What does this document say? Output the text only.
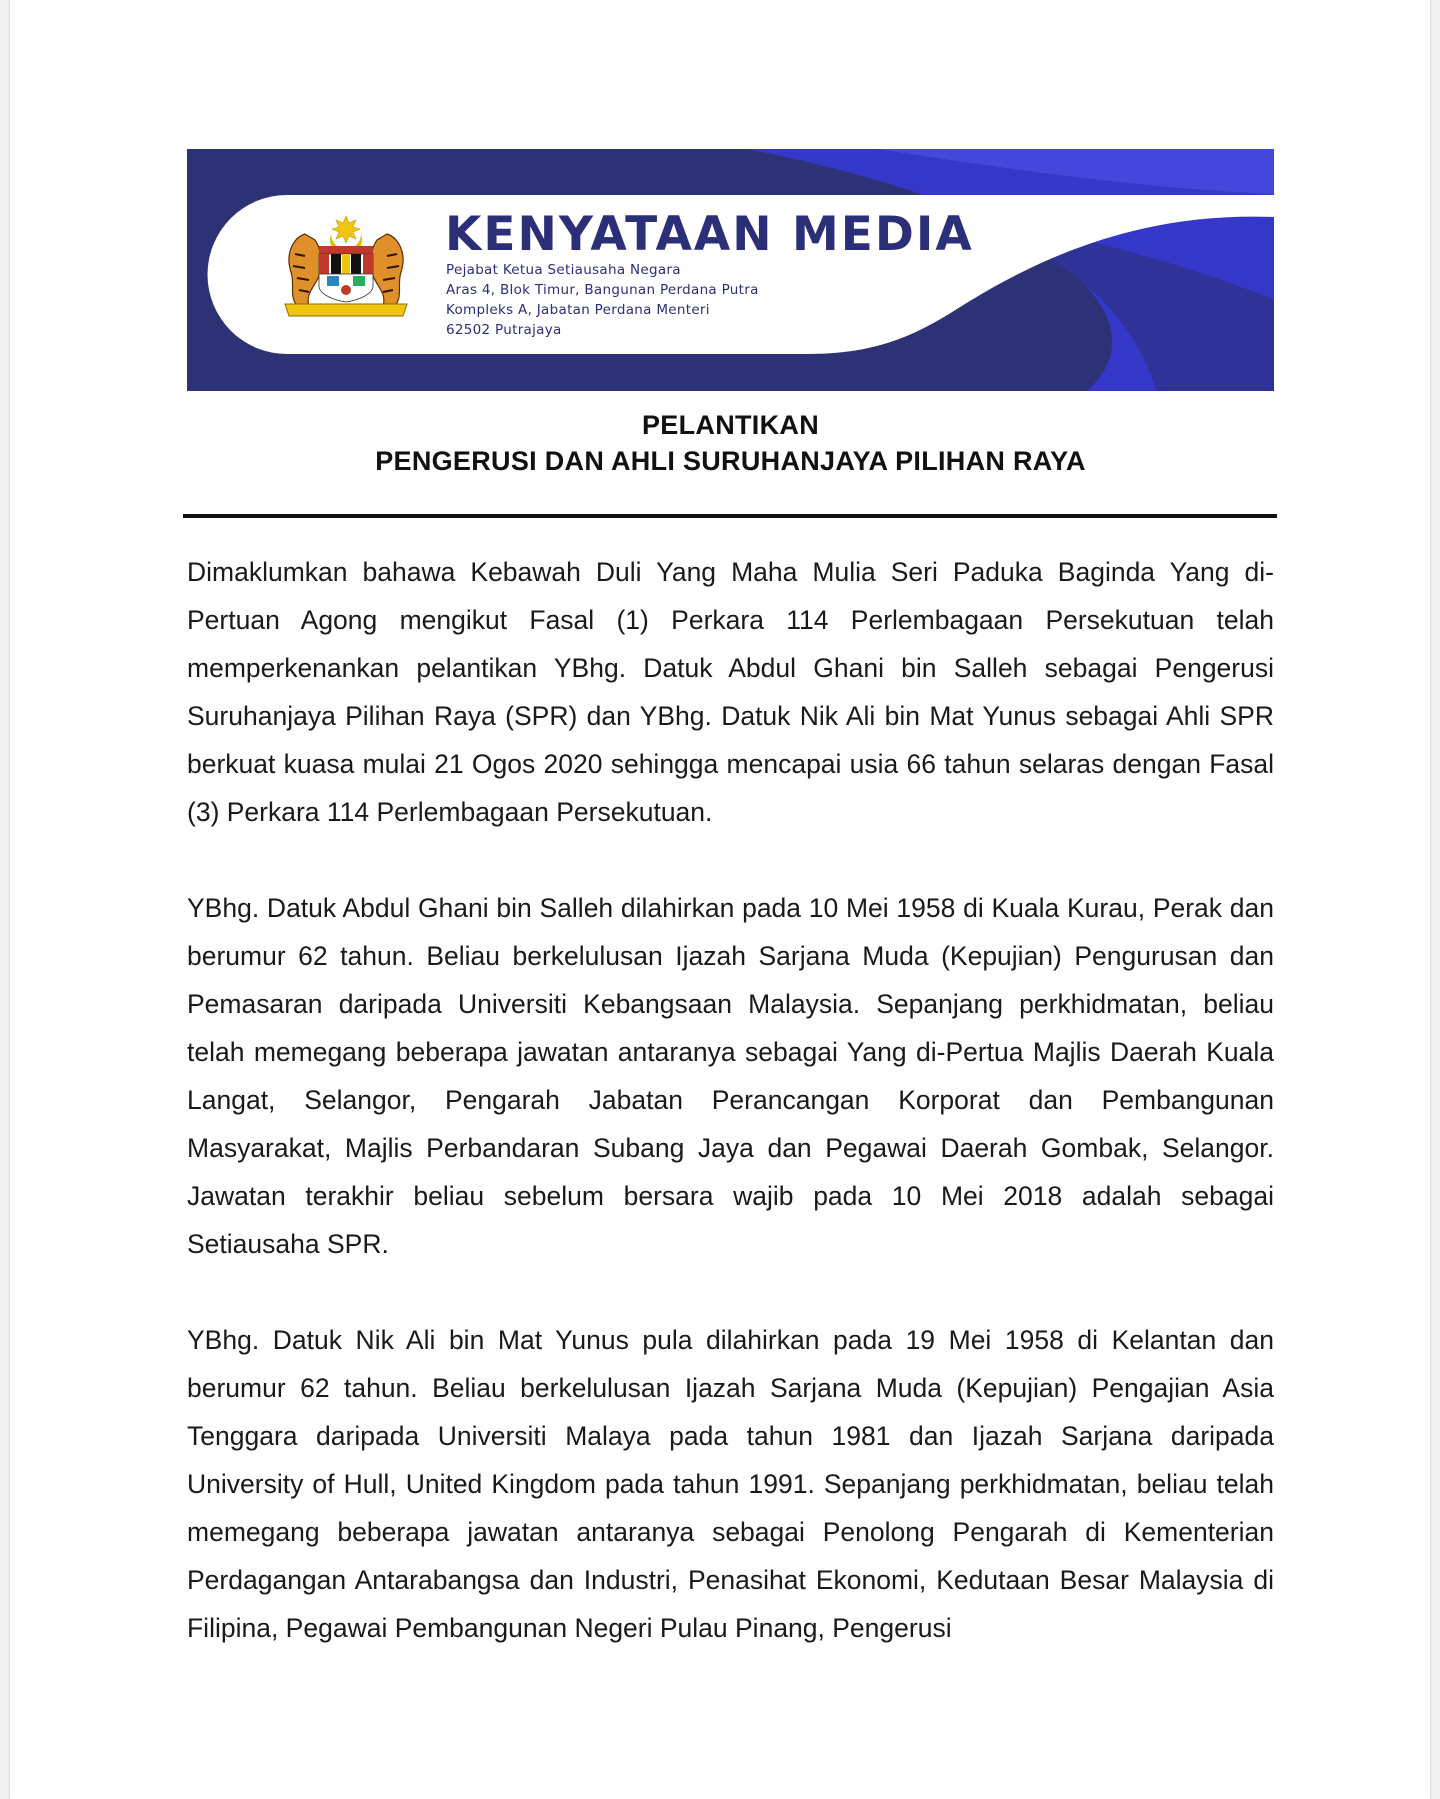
KENYATAAN MEDIA
Pejabat Ketua Setiausaha Negara
Aras 4, Blok Timur, Bangunan Perdana Putra
Kompleks A, Jabatan Perdana Menteri
62502 Putrajaya
PELANTIKAN
PENGERUSI DAN AHLI SURUHANJAYA PILIHAN RAYA

Dimaklumkan bahawa Kebawah Duli Yang Maha Mulia Seri Paduka Baginda Yang di-Pertuan Agong mengikut Fasal (1) Perkara 114 Perlembagaan Persekutuan telah memperkenankan pelantikan YBhg. Datuk Abdul Ghani bin Salleh sebagai Pengerusi Suruhanjaya Pilihan Raya (SPR) dan YBhg. Datuk Nik Ali bin Mat Yunus sebagai Ahli SPR berkuat kuasa mulai 21 Ogos 2020 sehingga mencapai usia 66 tahun selaras dengan Fasal (3) Perkara 114 Perlembagaan Persekutuan.

YBhg. Datuk Abdul Ghani bin Salleh dilahirkan pada 10 Mei 1958 di Kuala Kurau, Perak dan berumur 62 tahun. Beliau berkelulusan Ijazah Sarjana Muda (Kepujian) Pengurusan dan Pemasaran daripada Universiti Kebangsaan Malaysia. Sepanjang perkhidmatan, beliau telah memegang beberapa jawatan antaranya sebagai Yang di-Pertua Majlis Daerah Kuala Langat, Selangor, Pengarah Jabatan Perancangan Korporat dan Pembangunan Masyarakat, Majlis Perbandaran Subang Jaya dan Pegawai Daerah Gombak, Selangor. Jawatan terakhir beliau sebelum bersara wajib pada 10 Mei 2018 adalah sebagai Setiausaha SPR.

YBhg. Datuk Nik Ali bin Mat Yunus pula dilahirkan pada 19 Mei 1958 di Kelantan dan berumur 62 tahun. Beliau berkelulusan Ijazah Sarjana Muda (Kepujian) Pengajian Asia Tenggara daripada Universiti Malaya pada tahun 1981 dan Ijazah Sarjana daripada University of Hull, United Kingdom pada tahun 1991. Sepanjang perkhidmatan, beliau telah memegang beberapa jawatan antaranya sebagai Penolong Pengarah di Kementerian Perdagangan Antarabangsa dan Industri, Penasihat Ekonomi, Kedutaan Besar Malaysia di Filipina, Pegawai Pembangunan Negeri Pulau Pinang, Pengerusi
